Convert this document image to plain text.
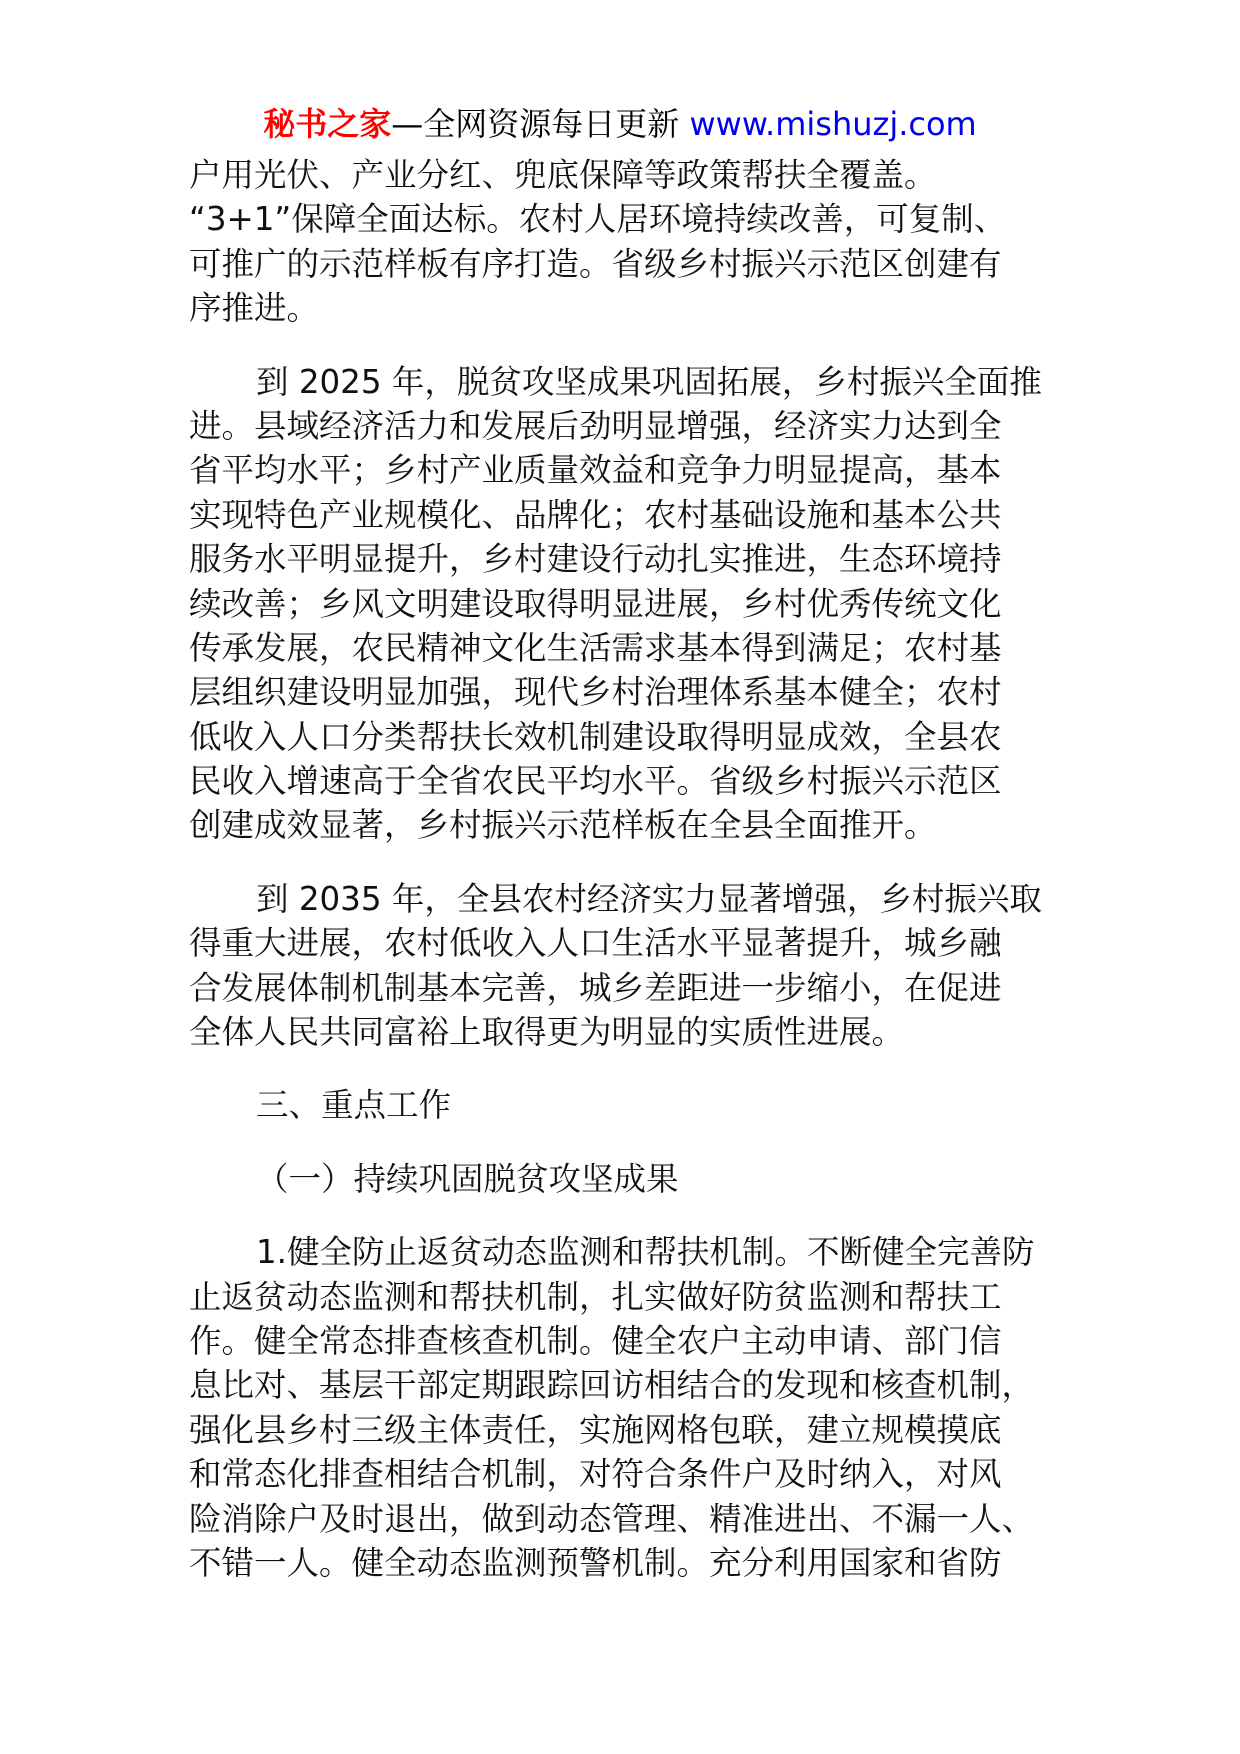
秘书之家—全网资源每日更新 www.mishuzj.com
户用光伏、产业分红、兜底保障等政策帮扶全覆盖。
“3+1”保障全面达标。农村人居环境持续改善，可复制、
可推广的示范样板有序打造。省级乡村振兴示范区创建有
序推进。
到 2025 年，脱贫攻坚成果巩固拓展，乡村振兴全面推
进。县域经济活力和发展后劲明显增强，经济实力达到全
省平均水平；乡村产业质量效益和竞争力明显提高，基本
实现特色产业规模化、品牌化；农村基础设施和基本公共
服务水平明显提升，乡村建设行动扎实推进，生态环境持
续改善；乡风文明建设取得明显进展，乡村优秀传统文化
传承发展，农民精神文化生活需求基本得到满足；农村基
层组织建设明显加强，现代乡村治理体系基本健全；农村
低收入人口分类帮扶长效机制建设取得明显成效，全县农
民收入增速高于全省农民平均水平。省级乡村振兴示范区
创建成效显著，乡村振兴示范样板在全县全面推开。
到 2035 年，全县农村经济实力显著增强，乡村振兴取
得重大进展，农村低收入人口生活水平显著提升，城乡融
合发展体制机制基本完善，城乡差距进一步缩小，在促进
全体人民共同富裕上取得更为明显的实质性进展。
三、重点工作
（一）持续巩固脱贫攻坚成果
1.健全防止返贫动态监测和帮扶机制。不断健全完善防
止返贫动态监测和帮扶机制，扎实做好防贫监测和帮扶工
作。健全常态排查核查机制。健全农户主动申请、部门信
息比对、基层干部定期跟踪回访相结合的发现和核查机制，
强化县乡村三级主体责任，实施网格包联，建立规模摸底
和常态化排查相结合机制，对符合条件户及时纳入，对风
险消除户及时退出，做到动态管理、精准进出、不漏一人、
不错一人。健全动态监测预警机制。充分利用国家和省防
